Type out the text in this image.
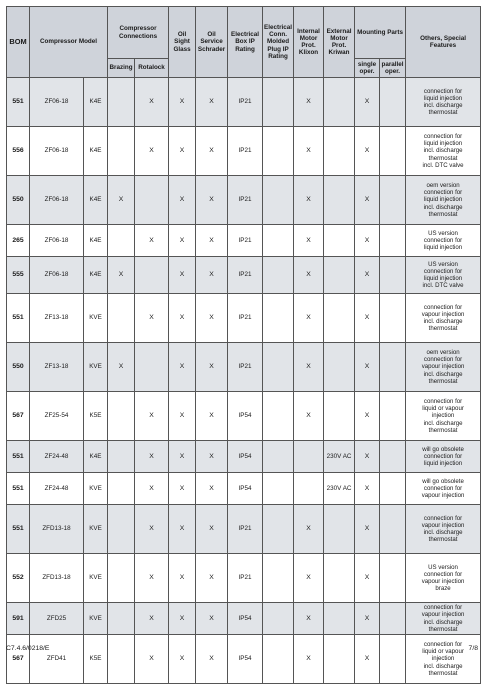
BOM	Compressor Model		Compressor Connections		Oil Sight Glass	Oil Service Schrader	Electrical Box IP Rating	Electrical Conn. Molded Plug IP Rating	Internal Motor Prot. Klixon	External Motor Prot. Kriwan	Mounting Parts		Others, Special Features
			Brazing	Rotalock							single oper.	parallel oper.	
551	ZF06-18	K4E		X	X	X	IP21		X		X		connection for
liquid injection
incl. discharge
thermostat

556	ZF06-18	K4E		X	X	X	IP21		X		X		connection for
liquid injection
incl. discharge
thermostat
incl. DTC valve

550	ZF06-18	K4E	X		X	X	IP21		X		X		oem version
connection for
liquid injection
incl. discharge
thermostat

265	ZF06-18	K4E		X	X	X	IP21		X		X		US version
connection for
liquid injection

555	ZF06-18	K4E	X		X	X	IP21		X		X		US version
connection for
liquid injection
incl. DTC valve

551	ZF13-18	KVE		X	X	X	IP21		X		X		connection for
vapour injection
incl. discharge
thermostat

550	ZF13-18	KVE	X		X	X	IP21		X		X		oem version
connection for
vapour injection
incl. discharge
thermostat

567	ZF25-54	K5E		X	X	X	IP54		X		X		connection for
liquid or vapour
injection
incl. discharge
thermostat

551	ZF24-48	K4E		X	X	X	IP54			230V AC	X		will go obsolete
connection for
liquid injection

551	ZF24-48	KVE		X	X	X	IP54			230V AC	X		will go obsolete
connection for
vapour injection

551	ZFD13-18	KVE		X	X	X	IP21		X		X		connection for
vapour injection
incl. discharge
thermostat

552	ZFD13-18	KVE		X	X	X	IP21		X		X		US version
connection for
vapour injection
braze

591	ZFD25	KVE		X	X	X	IP54		X		X		connection for
vapour injection
incl. discharge
thermostat

567	ZFD41	K5E		X	X	X	IP54		X		X		connection for
liquid or vapour
injection
incl. discharge
thermostat
C7.4.6/0218/E	7/8
